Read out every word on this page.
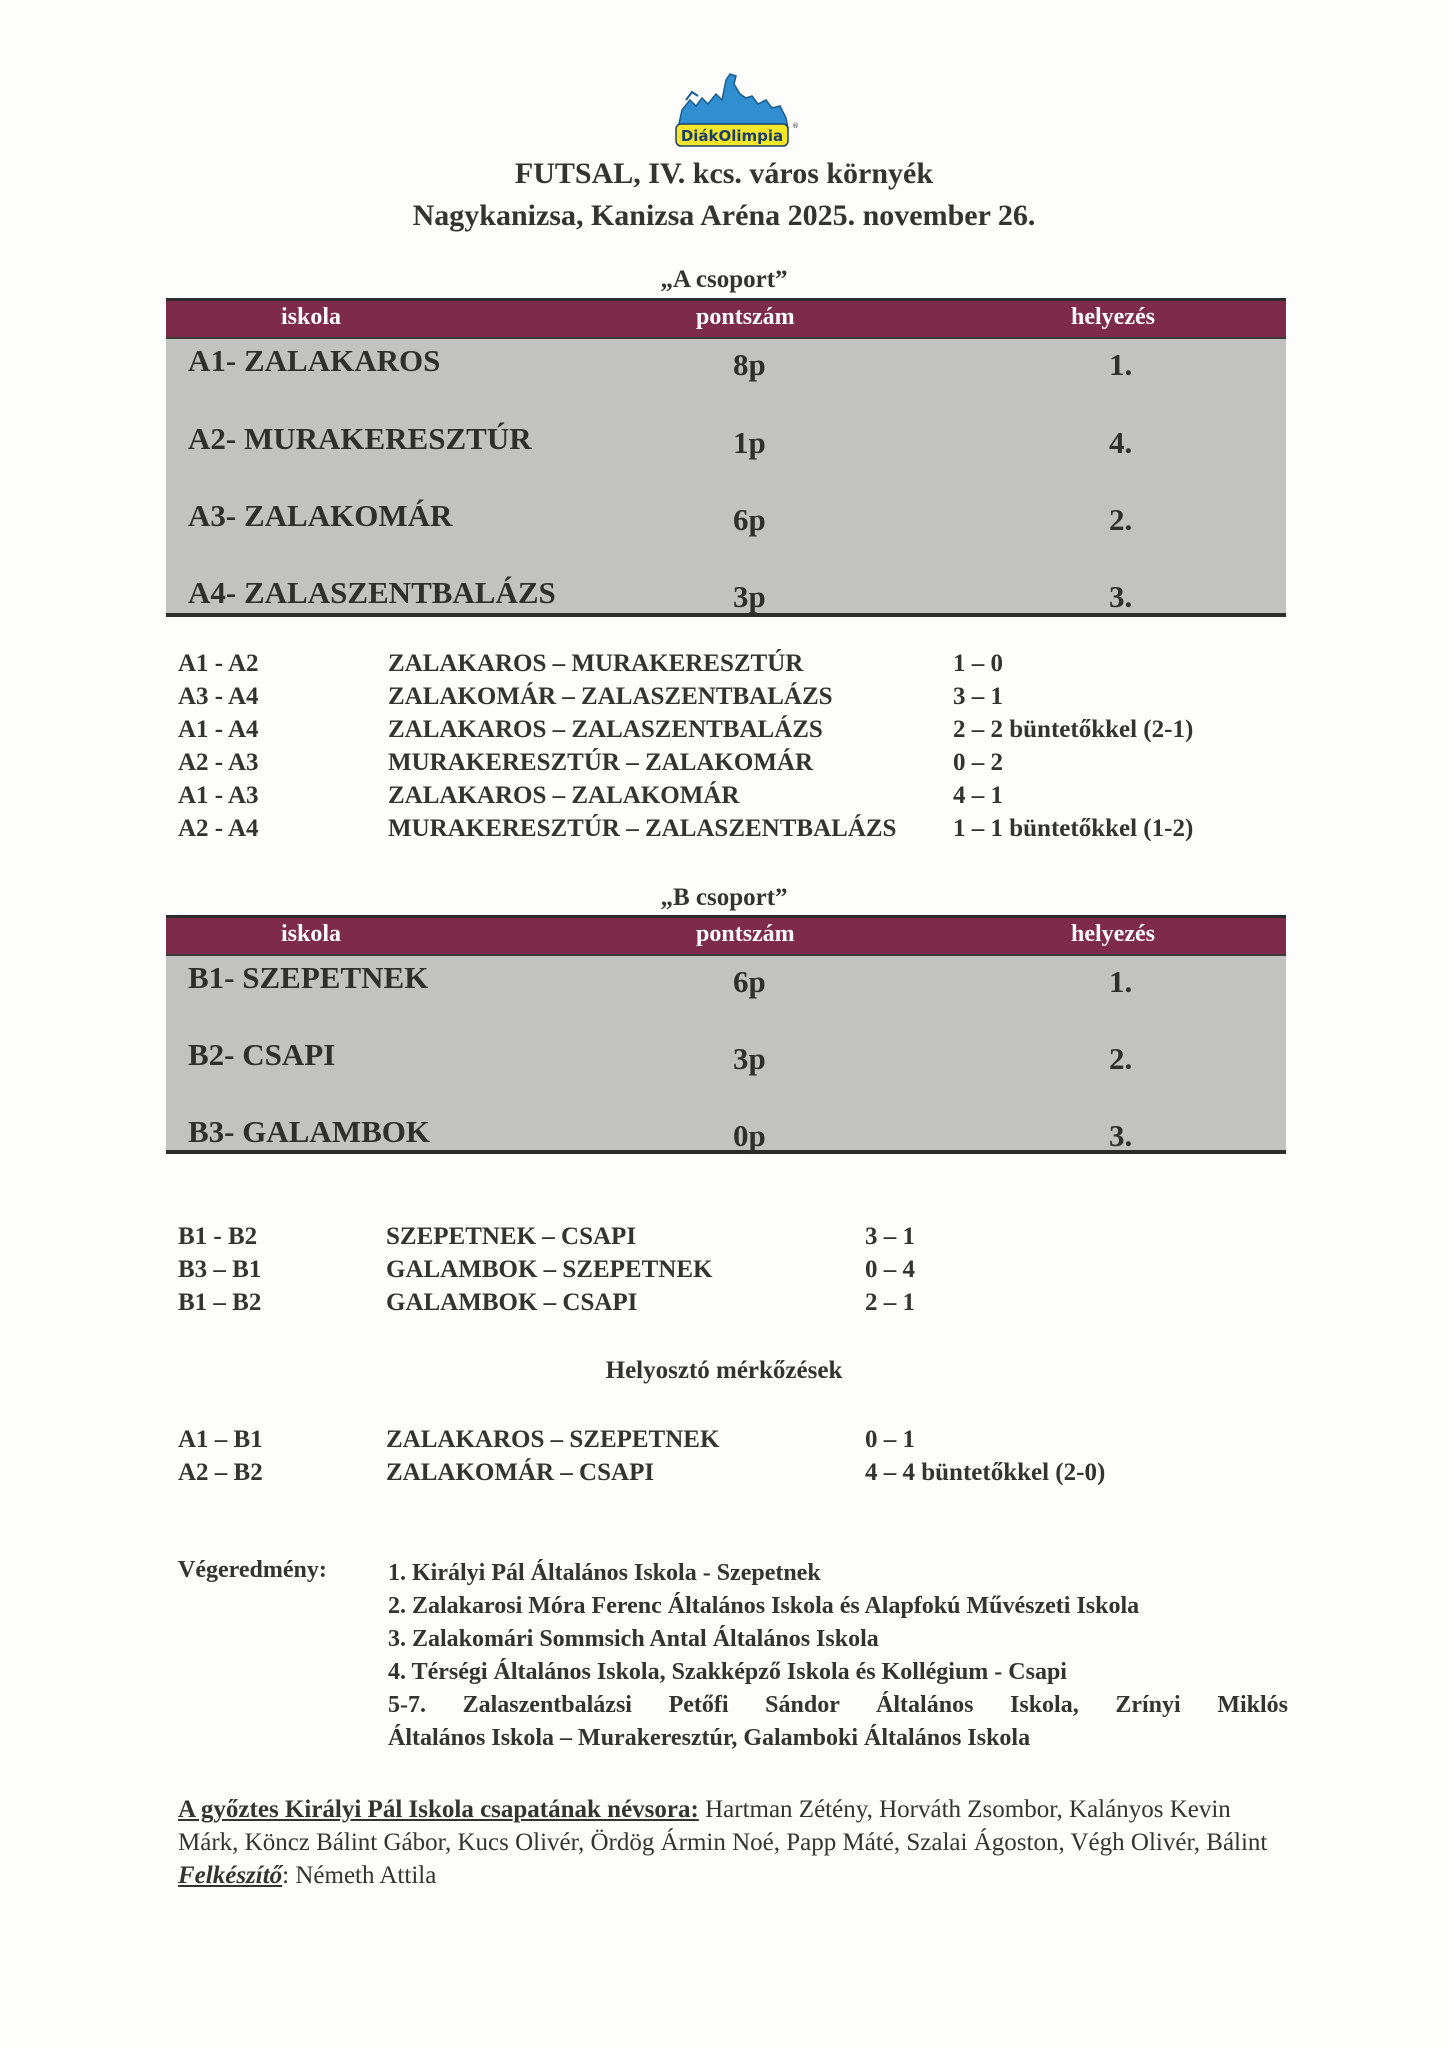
DiákOlimpia
®
FUTSAL, IV. kcs. város környék
Nagykanizsa, Kanizsa Aréna 2025. november 26.
„A csoport”
iskola	pontszám	helyezés
A1- ZALAKAROS	8p	1.
A2- MURAKERESZTÚR	1p	4.
A3- ZALAKOMÁR	6p	2.
A4- ZALASZENTBALÁZS	3p	3.
A1 - A2	ZALAKAROS – MURAKERESZTÚR	1 – 0
A3 - A4	ZALAKOMÁR – ZALASZENTBALÁZS	3 – 1
A1 - A4	ZALAKAROS – ZALASZENTBALÁZS	2 – 2 büntetőkkel (2-1)
A2 - A3	MURAKERESZTÚR – ZALAKOMÁR	0 – 2
A1 - A3	ZALAKAROS – ZALAKOMÁR	4 – 1
A2 - A4	MURAKERESZTÚR – ZALASZENTBALÁZS 1 – 1 büntetőkkel (1-2)
„B csoport”
iskola	pontszám	helyezés
B1- SZEPETNEK	6p	1.
B2- CSAPI	3p	2.
B3- GALAMBOK	0p	3.
B1 - B2	SZEPETNEK – CSAPI	3 – 1
B3 – B1	GALAMBOK – SZEPETNEK	0 – 4
B1 – B2	GALAMBOK – CSAPI	2 – 1
Helyosztó mérkőzések
A1 – B1	ZALAKAROS – SZEPETNEK	0 – 1
A2 – B2	ZALAKOMÁR – CSAPI	4 – 4 büntetőkkel (2-0)
Végeredmény:	1. Királyi Pál Általános Iskola - Szepetnek
2. Zalakarosi Móra Ferenc Általános Iskola és Alapfokú Művészeti Iskola
3. Zalakomári Sommsich Antal Általános Iskola
4. Térségi Általános Iskola, Szakképző Iskola és Kollégium - Csapi
5-7. Zalaszentbalázsi Petőfi Sándor Általános Iskola, Zrínyi Miklós
Általános Iskola – Murakeresztúr, Galamboki Általános Iskola
A győztes Királyi Pál Iskola csapatának névsora: Hartman Zétény, Horváth Zsombor, Kalányos Kevin Márk, Köncz Bálint Gábor, Kucs Olivér, Ördög Ármin Noé, Papp Máté, Szalai Ágoston, Végh Olivér, Bálint
Felkészítő: Németh Attila
